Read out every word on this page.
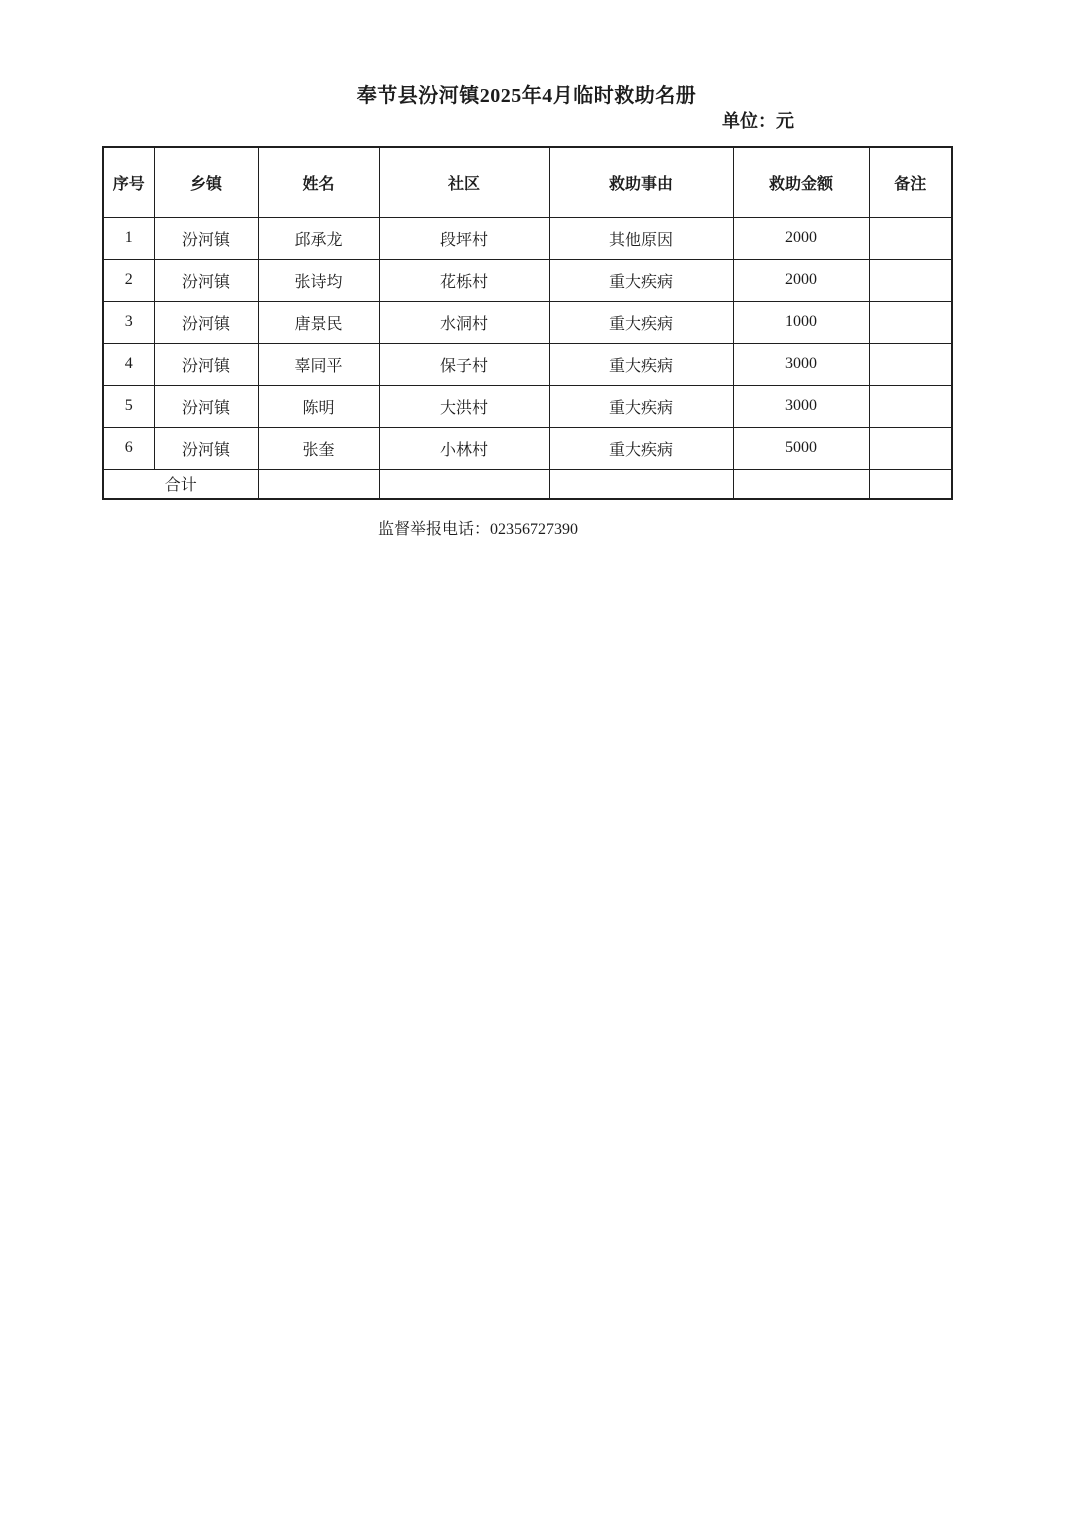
奉节县汾河镇2025年4月临时救助名册
单位：元
序号	乡镇	姓名	社区	救助事由	救助金额	备注
1	汾河镇	邱承龙	段坪村	其他原因	2000	
2	汾河镇	张诗均	花栎村	重大疾病	2000	
3	汾河镇	唐景民	水洞村	重大疾病	1000	
4	汾河镇	辜同平	保子村	重大疾病	3000	
5	汾河镇	陈明	大洪村	重大疾病	3000	
6	汾河镇	张奎	小林村	重大疾病	5000	
合计						
监督举报电话：02356727390
